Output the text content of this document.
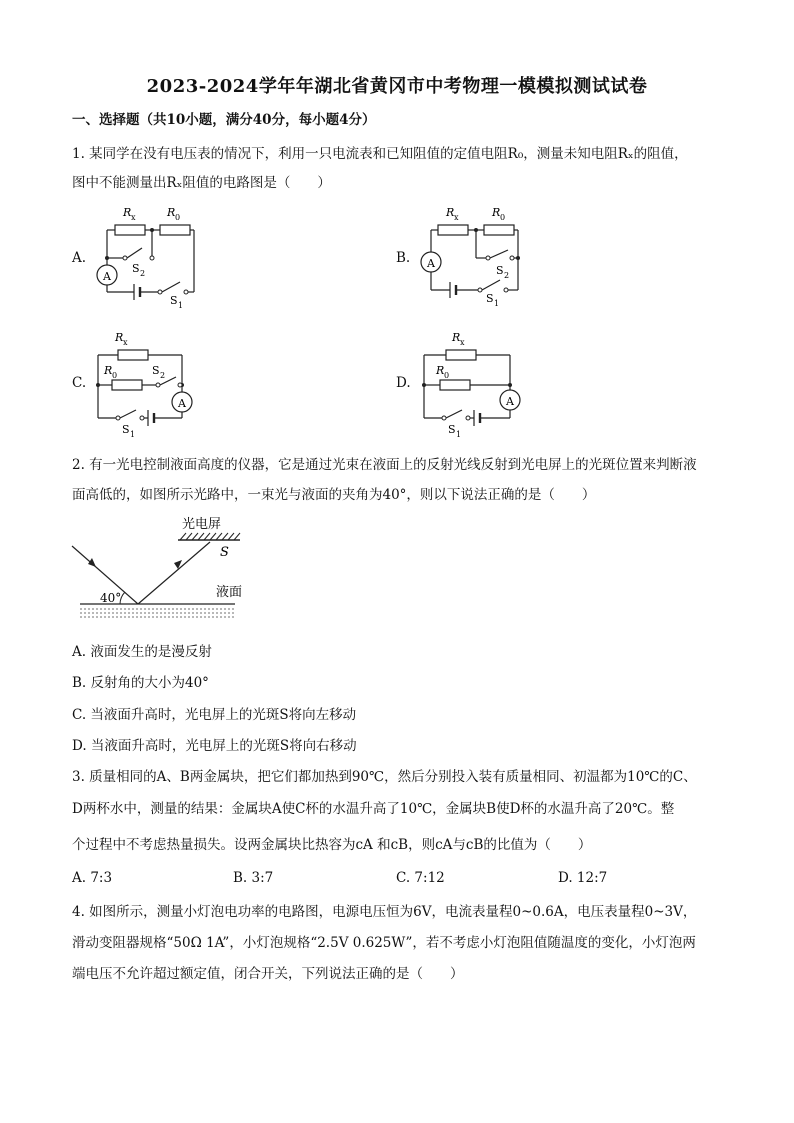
2023-2024学年年湖北省黄冈市中考物理一模模拟测试试卷
一、选择题（共10小题，满分40分，每小题4分）
1. 某同学在没有电压表的情况下，利用一只电流表和已知阻值的定值电阻R₀，测量未知电阻Rₓ的阻值，
图中不能测量出Rₓ阻值的电路图是（　　）
A.
A
R x	R 0
S 2
S 1
B. A
R x	R 0
S 2
S 1
C.
A
R x
R 0	S 2
S 1
D.
A
R x
R 0
S 1
2. 有一光电控制液面高度的仪器，它是通过光束在液面上的反射光线反射到光电屏上的光斑位置来判断液
面高低的，如图所示光路中，一束光与液面的夹角为40°，则以下说法正确的是（　　）
光电屏
S
40°	液面
A. 液面发生的是漫反射
B. 反射角的大小为40°
C. 当液面升高时，光电屏上的光斑S将向左移动
D. 当液面升高时，光电屏上的光斑S将向右移动
3. 质量相同的A、B两金属块，把它们都加热到90℃，然后分别投入装有质量相同、初温都为10℃的C、
D两杯水中，测量的结果：金属块A使C杯的水温升高了10℃，金属块B使D杯的水温升高了20℃。整
个过程中不考虑热量损失。设两金属块比热容为cA 和cB，则cA与cB的比值为（　　）
A. 7:3	B. 3:7	C. 7:12	D. 12:7
4. 如图所示，测量小灯泡电功率的电路图，电源电压恒为6V，电流表量程0~0.6A，电压表量程0~3V，
滑动变阻器规格“50Ω 1A”，小灯泡规格“2.5V 0.625W”，若不考虑小灯泡阻值随温度的变化，小灯泡两
端电压不允许超过额定值，闭合开关，下列说法正确的是（　　）
